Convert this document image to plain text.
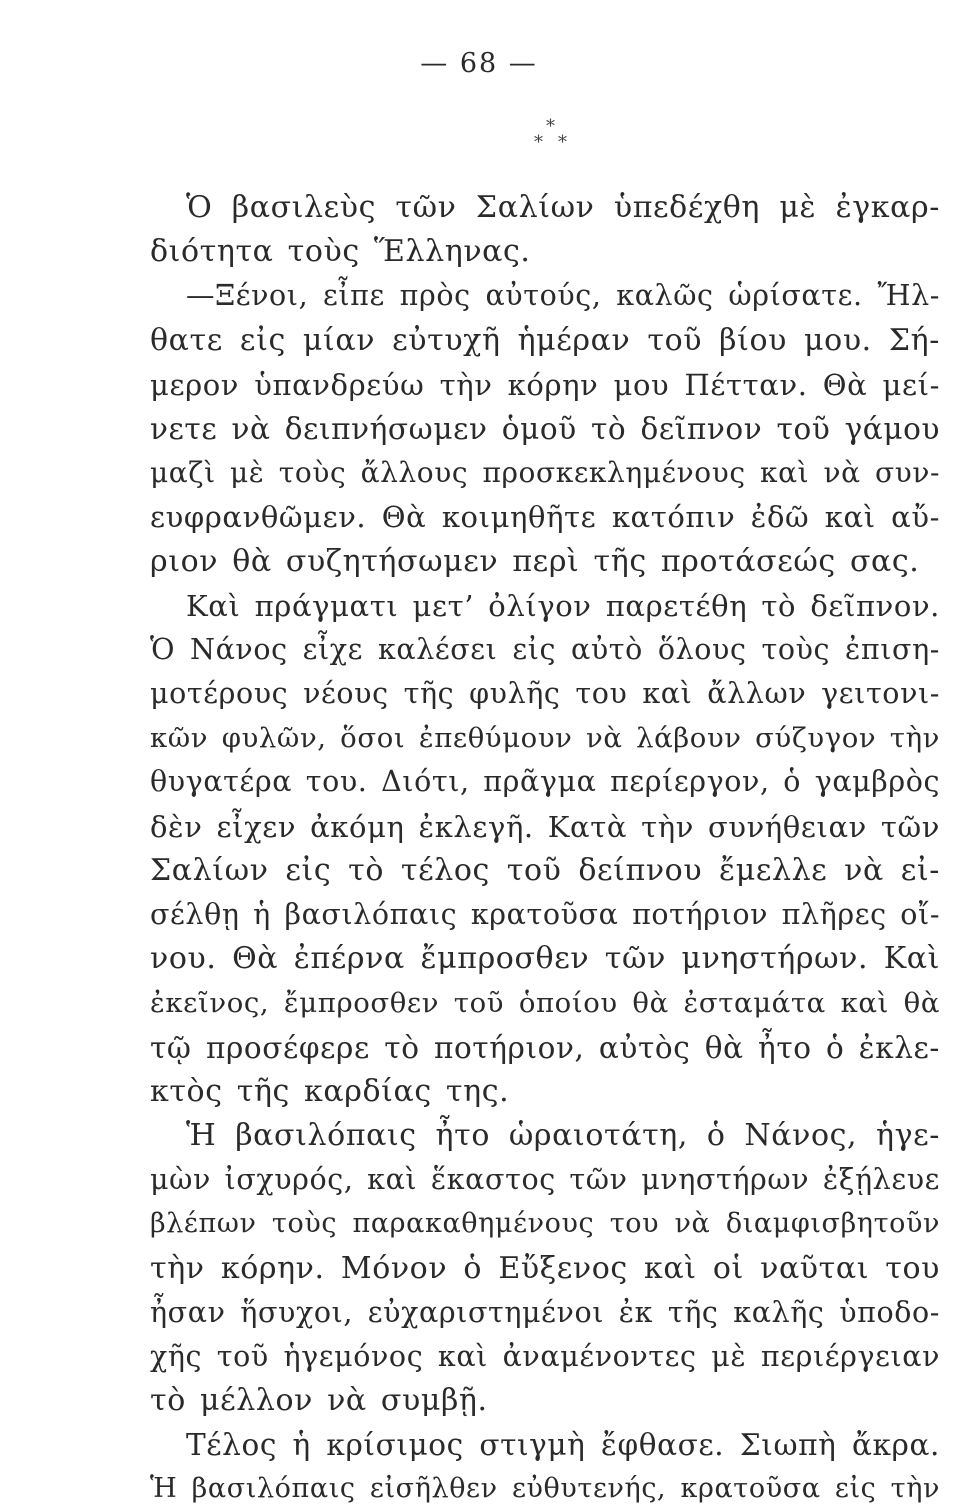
— 68 —
*
* *
Ὁ βασιλεὺς τῶν Σαλίων ὑπεδέχθη μὲ ἐγκαρ-
διότητα τοὺς Ἕλληνας.
—Ξένοι, εἶπε πρὸς αὐτούς, καλῶς ὡρίσατε. Ἤλ-
θατε εἰς μίαν εὐτυχῆ ἡμέραν τοῦ βίου μου. Σή-
μερον ὑπανδρεύω τὴν κόρην μου Πέτταν. Θὰ μεί-
νετε νὰ δειπνήσωμεν ὁμοῦ τὸ δεῖπνον τοῦ γάμου
μαζὶ μὲ τοὺς ἄλλους προσκεκλημένους καὶ νὰ συν-
ευφρανθῶμεν. Θὰ κοιμηθῆτε κατόπιν ἐδῶ καὶ αὔ-
ριον θὰ συζητήσωμεν περὶ τῆς προτάσεώς σας.
Καὶ πράγματι μετ’ ὀλίγον παρετέθη τὸ δεῖπνον.
Ὁ Νάνος εἶχε καλέσει εἰς αὐτὸ ὅλους τοὺς ἐπιση-
μοτέρους νέους τῆς φυλῆς του καὶ ἄλλων γειτονι-
κῶν φυλῶν, ὅσοι ἐπεθύμουν νὰ λάβουν σύζυγον τὴν
θυγατέρα του. Διότι, πρᾶγμα περίεργον, ὁ γαμβρὸς
δὲν εἶχεν ἀκόμη ἐκλεγῆ. Κατὰ τὴν συνήθειαν τῶν
Σαλίων εἰς τὸ τέλος τοῦ δείπνου ἔμελλε νὰ εἰ-
σέλθῃ ἡ βασιλόπαις κρατοῦσα ποτήριον πλῆρες οἴ-
νου. Θὰ ἐπέρνα ἔμπροσθεν τῶν μνηστήρων. Καὶ
ἐκεῖνος, ἔμπροσθεν τοῦ ὁποίου θὰ ἐσταμάτα καὶ θὰ
τῷ προσέφερε τὸ ποτήριον, αὐτὸς θὰ ἦτο ὁ ἐκλε-
κτὸς τῆς καρδίας της.
Ἡ βασιλόπαις ἦτο ὡραιοτάτη, ὁ Νάνος, ἡγε-
μὼν ἰσχυρός, καὶ ἕκαστος τῶν μνηστήρων ἐξῄλευε
βλέπων τοὺς παρακαθημένους του νὰ διαμφισβητοῦν
τὴν κόρην. Μόνον ὁ Εὔξενος καὶ οἱ ναῦται του
ἦσαν ἥσυχοι, εὐχαριστημένοι ἐκ τῆς καλῆς ὑποδο-
χῆς τοῦ ἡγεμόνος καὶ ἀναμένοντες μὲ περιέργειαν
τὸ μέλλον νὰ συμβῇ.
Τέλος ἡ κρίσιμος στιγμὴ ἔφθασε. Σιωπὴ ἄκρα.
Ἡ βασιλόπαις εἰσῆλθεν εὐθυτενής, κρατοῦσα εἰς τὴν
